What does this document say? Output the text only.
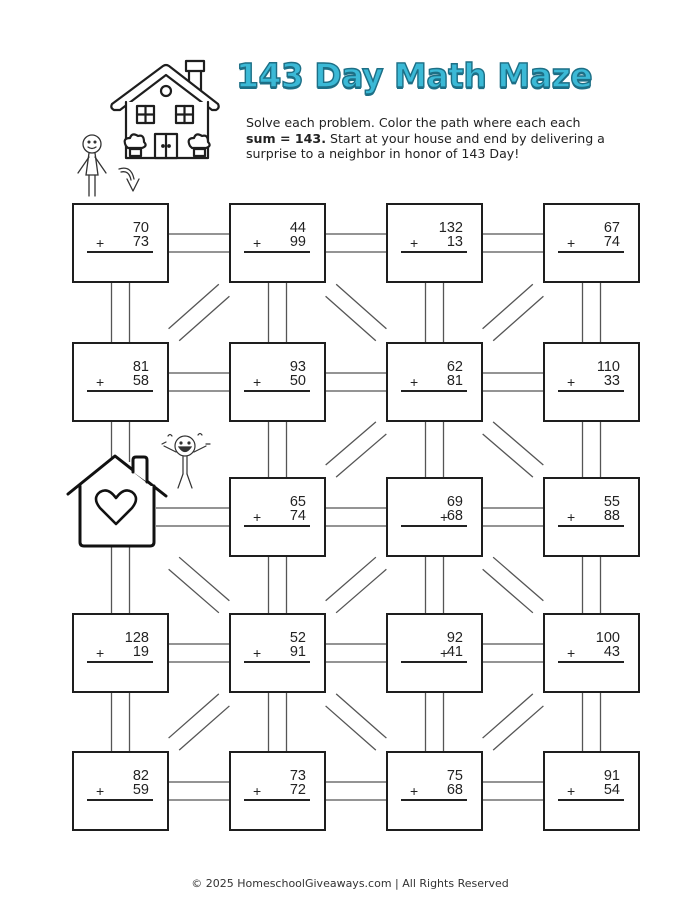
143 Day Math Maze
Solve each problem. Color the path where each each
sum = 143. Start at your house and end by delivering a
surprise to a neighbor in honor of 143 Day!
70
73
+
44
99
+
132
13
+
67
74
+
81
58
+
93
50
+
62
81
+
110
33
+
65
74
+
69
68
+
55
88
+
128
19
+
52
91
+
92
41
+
100
43
+
82
59
+
73
72
+
75
68
+
91
54
+
© 2025 HomeschoolGiveaways.com | All Rights Reserved
